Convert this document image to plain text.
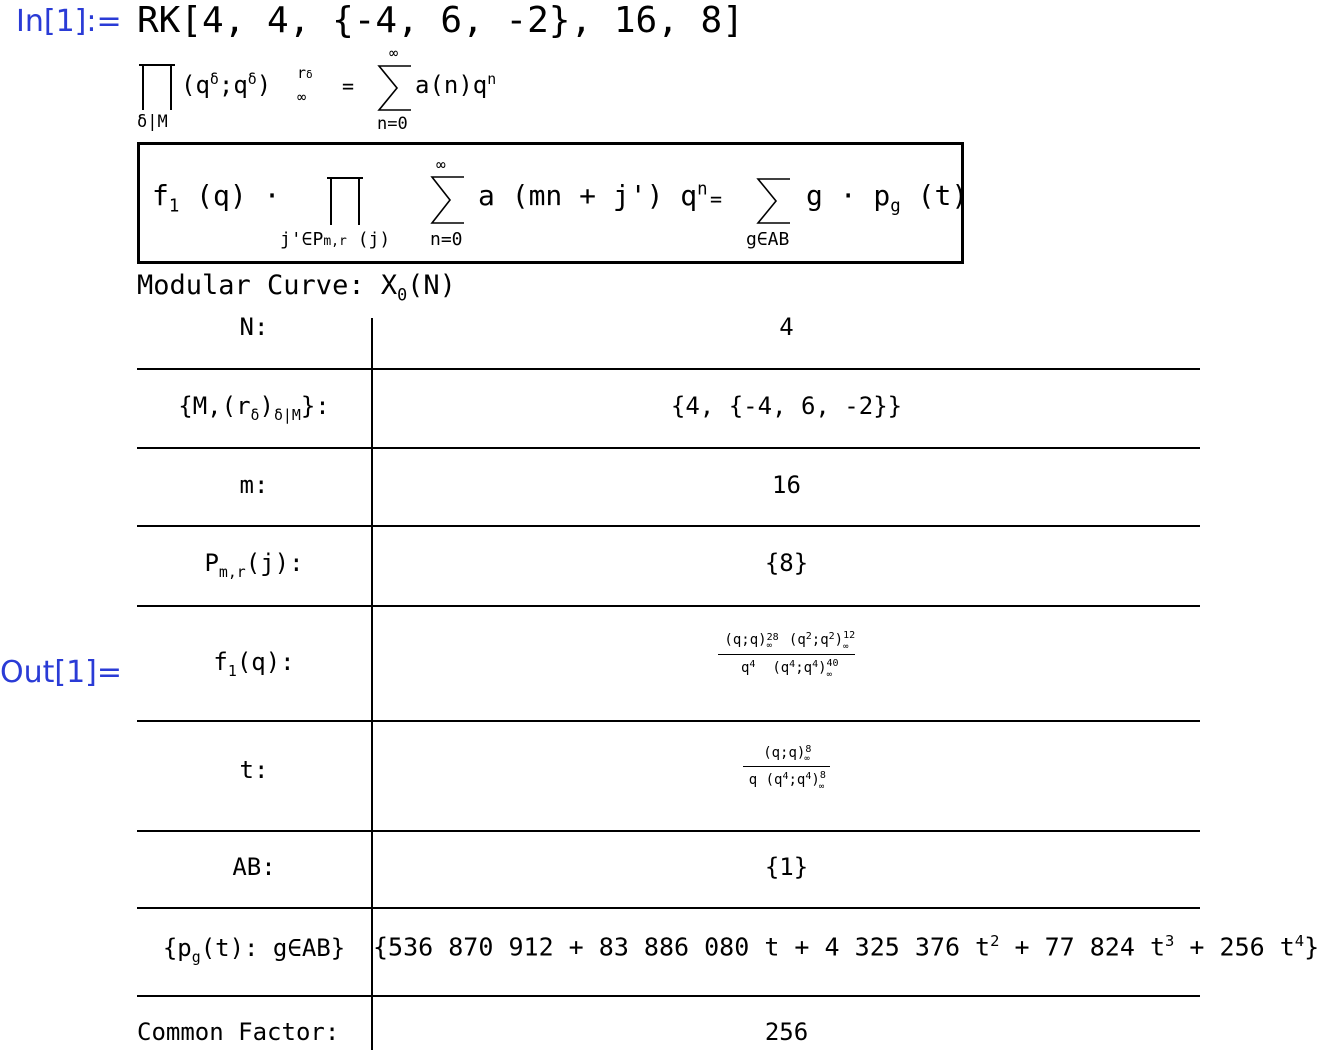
In[1]:=
Out[1]=
RK[4, 4, {-4, 6, -2}, 16, 8]
δ|M
$(q^\delta;q^\delta)$ rδ
∞ =
∞
n=0
$a(n)q^n$
$f_1$ (q) ·
j'∈Pm,r (j)
∞
n=0
a (mn + j') $q^n$ =
g∈AB
$g \cdot p_g$ (t)
Modular Curve: $X_0(N)$
N:	4
$\{M,(r_\delta)_{\delta|M}\}$:	{4, {-4, 6, -2}}
m:	16
$P_{m,r}(j)$:	{8}
$f_1(q)$:	$\frac{(q;q)^{28}_\infty (q^2;q^2)^{12}_\infty}{q^4 (q^4;q^4)^{40}_\infty}$
t:	$\frac{(q;q)^8_\infty}{q (q^4;q^4)^8_\infty}$
AB:	{1}
{$p_g(t)$: g∈AB}	{536 870 912 + 83 886 080 t + 4 325 376 $t^2 + 77$ 824 $t^3 + 256$ $t^4$}
Common Factor:	256
